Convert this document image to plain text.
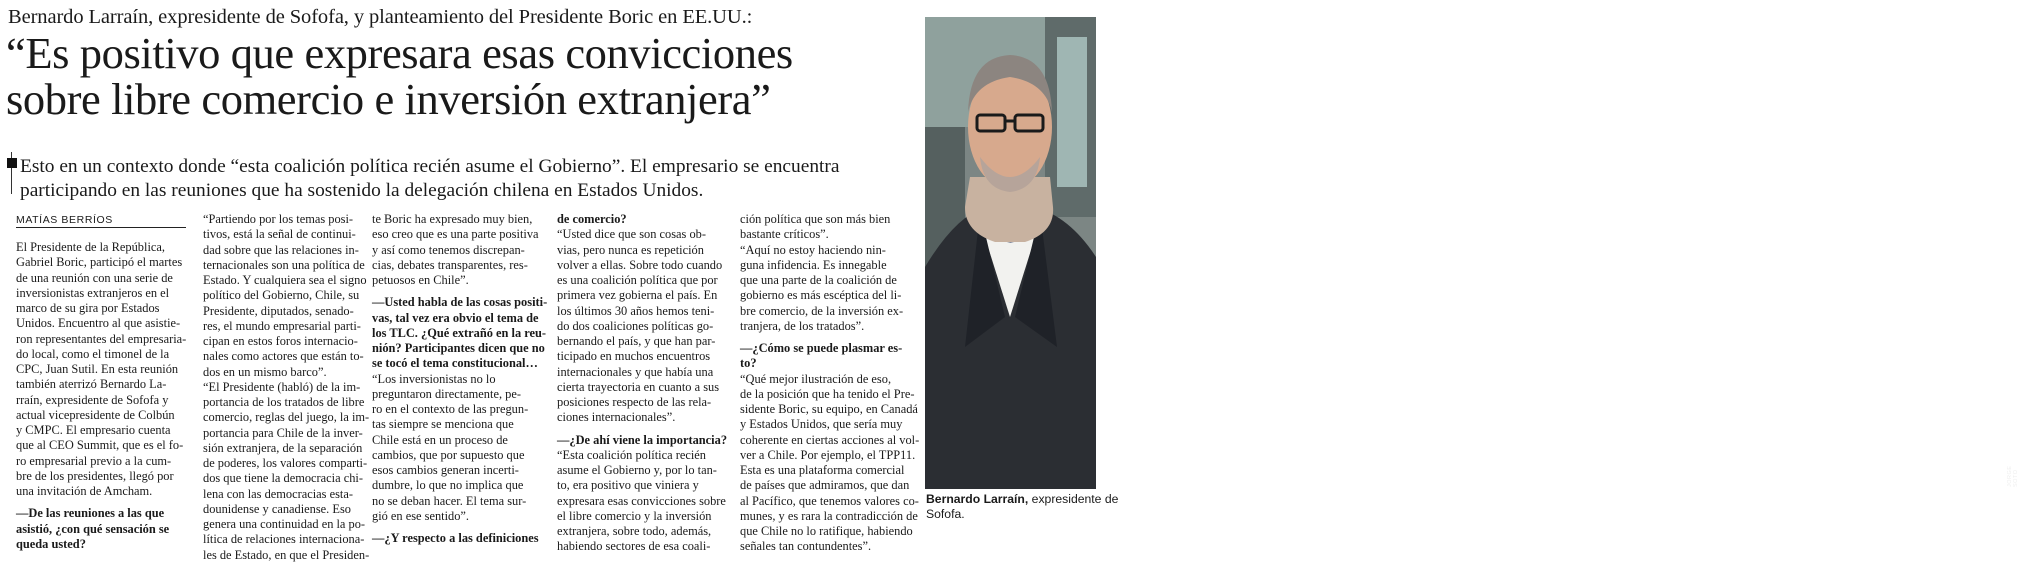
Bernardo Larraín, expresidente de Sofofa, y planteamiento del Presidente Boric en EE.UU.:
“Es positivo que expresara esas convicciones
sobre libre comercio e inversión extranjera”
Esto en un contexto donde “esta coalición política recién asume el Gobierno”. El empresario se encuentra
participando en las reuniones que ha sostenido la delegación chilena en Estados Unidos.
MATÍAS BERRÍOS
El Presidente de la República,
Gabriel Boric, participó el martes
de una reunión con una serie de
inversionistas extranjeros en el
marco de su gira por Estados
Unidos. Encuentro al que asistie-
ron representantes del empresaria-
do local, como el timonel de la
CPC, Juan Sutil. En esta reunión
también aterrizó Bernardo La-
rraín, expresidente de Sofofa y
actual vicepresidente de Colbún
y CMPC. El empresario cuenta
que al CEO Summit, que es el fo-
ro empresarial previo a la cum-
bre de los presidentes, llegó por
una invitación de Amcham.
—De las reuniones a las que
asistió, ¿con qué sensación se
queda usted?
“Partiendo por los temas posi-
tivos, está la señal de continui-
dad sobre que las relaciones in-
ternacionales son una política de
Estado. Y cualquiera sea el signo
político del Gobierno, Chile, su
Presidente, diputados, senado-
res, el mundo empresarial parti-
cipan en estos foros internacio-
nales como actores que están to-
dos en un mismo barco”.
“El Presidente (habló) de la im-
portancia de los tratados de libre
comercio, reglas del juego, la im-
portancia para Chile de la inver-
sión extranjera, de la separación
de poderes, los valores comparti-
dos que tiene la democracia chi-
lena con las democracias esta-
dounidense y canadiense. Eso
genera una continuidad en la po-
lítica de relaciones internaciona-
les de Estado, en que el Presiden-
te Boric ha expresado muy bien,
eso creo que es una parte positiva
y así como tenemos discrepan-
cias, debates transparentes, res-
petuosos en Chile”.
—Usted habla de las cosas positi-
vas, tal vez era obvio el tema de
los TLC. ¿Qué extrañó en la reu-
nión? Participantes dicen que no
se tocó el tema constitucional…
“Los inversionistas no lo
preguntaron directamente, pe-
ro en el contexto de las pregun-
tas siempre se menciona que
Chile está en un proceso de
cambios, que por supuesto que
esos cambios generan incerti-
dumbre, lo que no implica que
no se deban hacer. El tema sur-
gió en ese sentido”.
—¿Y respecto a las definiciones
de comercio?
“Usted dice que son cosas ob-
vias, pero nunca es repetición
volver a ellas. Sobre todo cuando
es una coalición política que por
primera vez gobierna el país. En
los últimos 30 años hemos teni-
do dos coaliciones políticas go-
bernando el país, y que han par-
ticipado en muchos encuentros
internacionales y que había una
cierta trayectoria en cuanto a sus
posiciones respecto de las rela-
ciones internacionales”.
—¿De ahí viene la importancia?
“Esta coalición política recién
asume el Gobierno y, por lo tan-
to, era positivo que viniera y
expresara esas convicciones sobre
el libre comercio y la inversión
extranjera, sobre todo, además,
habiendo sectores de esa coali-
ción política que son más bien
bastante críticos”.
“Aquí no estoy haciendo nin-
guna infidencia. Es innegable
que una parte de la coalición de
gobierno es más escéptica del li-
bre comercio, de la inversión ex-
tranjera, de los tratados”.
—¿Cómo se puede plasmar es-
to?
“Qué mejor ilustración de eso,
de la posición que ha tenido el Pre-
sidente Boric, su equipo, en Canadá
y Estados Unidos, que sería muy
coherente en ciertas acciones al vol-
ver a Chile. Por ejemplo, el TPP11.
Esta es una plataforma comercial
de países que admiramos, que dan
al Pacífico, que tenemos valores co-
munes, y es rara la contradicción de
que Chile no lo ratifique, habiendo
señales tan contundentes”.
JORGE SOTO
Bernardo Larraín, expresidente de
Sofofa.
